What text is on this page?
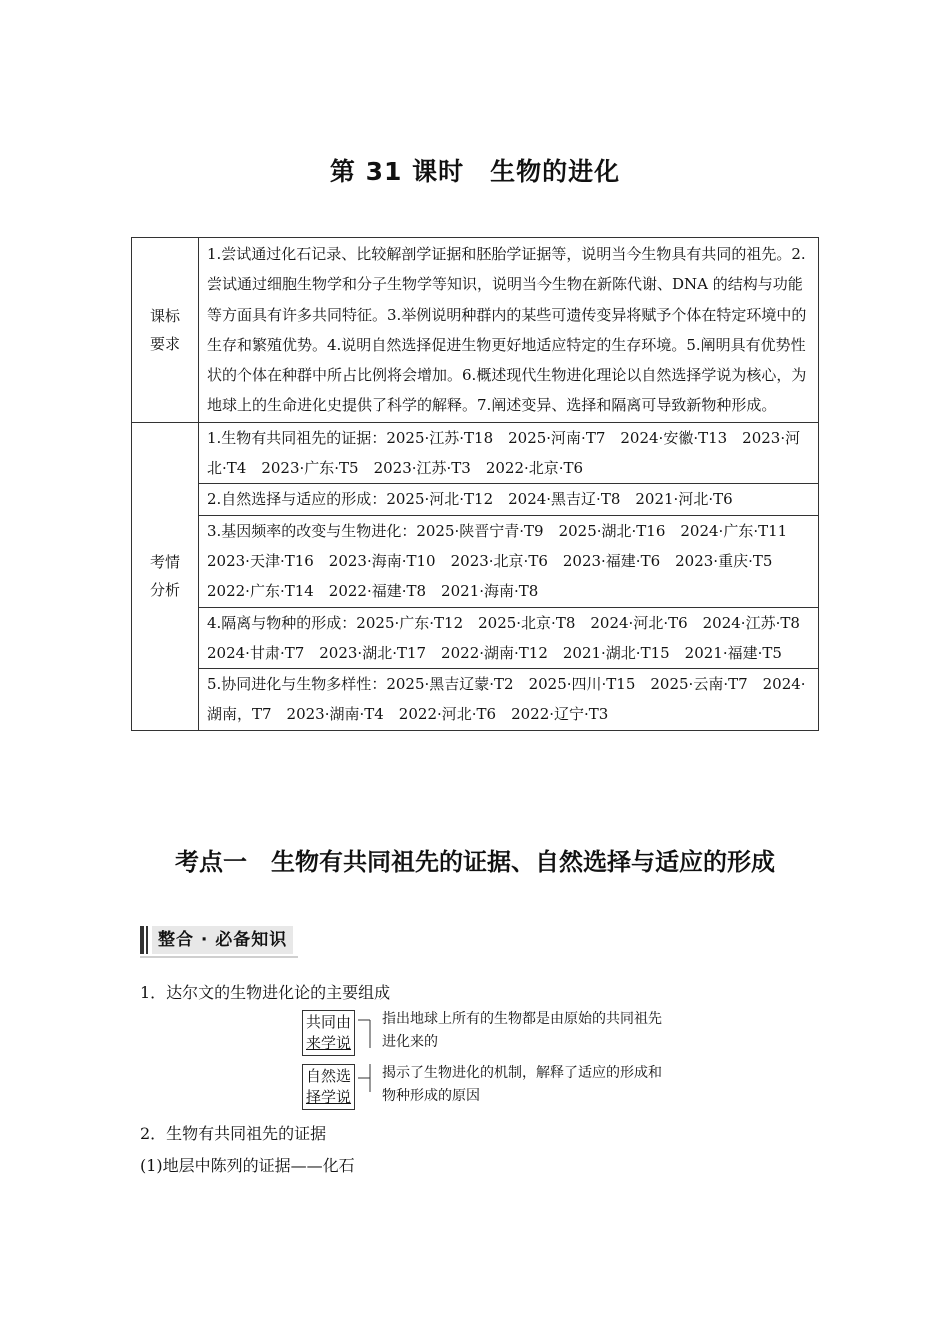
第 31 课时　生物的进化
课标
要求	1.尝试通过化石记录、比较解剖学证据和胚胎学证据等，说明当今生物具有共同的祖先。2.尝试通过细胞生物学和分子生物学等知识，说明当今生物在新陈代谢、DNA 的结构与功能等方面具有许多共同特征。3.举例说明种群内的某些可遗传变异将赋予个体在特定环境中的生存和繁殖优势。4.说明自然选择促进生物更好地适应特定的生存环境。5.阐明具有优势性状的个体在种群中所占比例将会增加。6.概述现代生物进化理论以自然选择学说为核心，为地球上的生命进化史提供了科学的解释。7.阐述变异、选择和隔离可导致新物种形成。
考情
分析	1.生物有共同祖先的证据：2025·江苏·T18　2025·河南·T7　2024·安徽·T13　2023·河北·T4　2023·广东·T5　2023·江苏·T3　2022·北京·T6
	2.自然选择与适应的形成：2025·河北·T12　2024·黑吉辽·T8　2021·河北·T6
	3.基因频率的改变与生物进化：2025·陕晋宁青·T9　2025·湖北·T16　2024·广东·T11　2023·天津·T16　2023·海南·T10　2023·北京·T6　2023·福建·T6　2023·重庆·T5　2022·广东·T14　2022·福建·T8　2021·海南·T8
	4.隔离与物种的形成：2025·广东·T12　2025·北京·T8　2024·河北·T6　2024·江苏·T8　2024·甘肃·T7　2023·湖北·T17　2022·湖南·T12　2021·湖北·T15　2021·福建·T5
	5.协同进化与生物多样性：2025·黑吉辽蒙·T2　2025·四川·T15　2025·云南·T7　2024·湖南，T7　2023·湖南·T4　2022·河北·T6　2022·辽宁·T3
考点一　生物有共同祖先的证据、自然选择与适应的形成
整合 · 必备知识
1．达尔文的生物进化论的主要组成
共同由
来学说
指出地球上所有的生物都是由原始的共同祖先进化来的
自然选
择学说
揭示了生物进化的机制，解释了适应的形成和物种形成的原因
2．生物有共同祖先的证据
(1)地层中陈列的证据——化石
